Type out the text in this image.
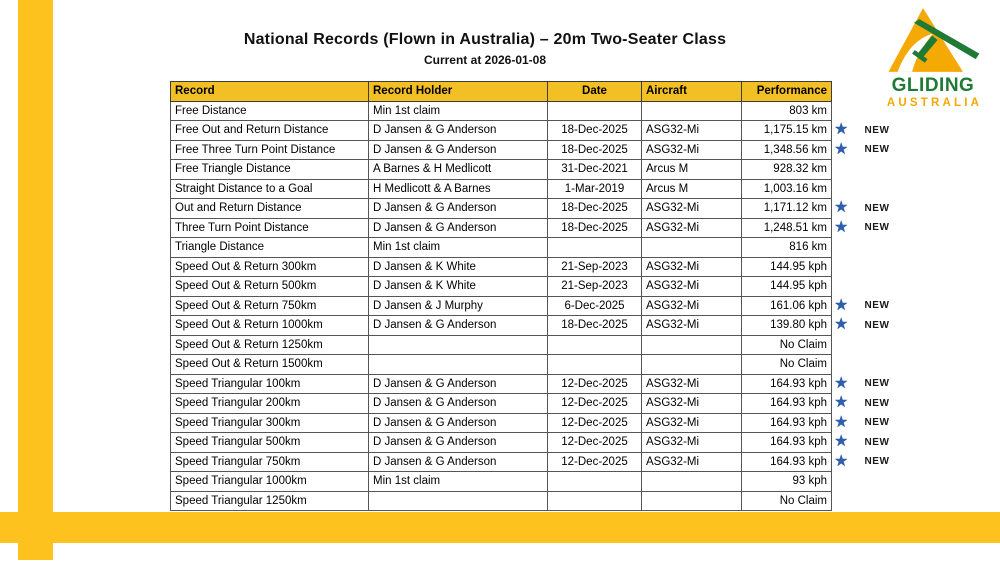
National Records (Flown in Australia) – 20m Two-Seater Class
Current at 2026-01-08
GLIDING
AUSTRALIA
Record	Record Holder	Date	Aircraft	Performance	
Free Distance	Min 1st claim			803 km	
Free Out and Return Distance	D Jansen & G Anderson	18-Dec-2025	ASG32-Mi	1,175.15 km	★ NEW
Free Three Turn Point Distance	D Jansen & G Anderson	18-Dec-2025	ASG32-Mi	1,348.56 km	★ NEW
Free Triangle Distance	A Barnes & H Medlicott	31-Dec-2021	Arcus M	928.32 km	
Straight Distance to a Goal	H Medlicott & A Barnes	1-Mar-2019	Arcus M	1,003.16 km	
Out and Return Distance	D Jansen & G Anderson	18-Dec-2025	ASG32-Mi	1,171.12 km	★ NEW
Three Turn Point Distance	D Jansen & G Anderson	18-Dec-2025	ASG32-Mi	1,248.51 km	★ NEW
Triangle Distance	Min 1st claim			816 km	
Speed Out & Return 300km	D Jansen & K White	21-Sep-2023	ASG32-Mi	144.95 kph	
Speed Out & Return 500km	D Jansen & K White	21-Sep-2023	ASG32-Mi	144.95 kph	
Speed Out & Return 750km	D Jansen & J Murphy	6-Dec-2025	ASG32-Mi	161.06 kph	★ NEW
Speed Out & Return 1000km	D Jansen & G Anderson	18-Dec-2025	ASG32-Mi	139.80 kph	★ NEW
Speed Out & Return 1250km				No Claim	
Speed Out & Return 1500km				No Claim	
Speed Triangular 100km	D Jansen & G Anderson	12-Dec-2025	ASG32-Mi	164.93 kph	★ NEW
Speed Triangular 200km	D Jansen & G Anderson	12-Dec-2025	ASG32-Mi	164.93 kph	★ NEW
Speed Triangular 300km	D Jansen & G Anderson	12-Dec-2025	ASG32-Mi	164.93 kph	★ NEW
Speed Triangular 500km	D Jansen & G Anderson	12-Dec-2025	ASG32-Mi	164.93 kph	★ NEW
Speed Triangular 750km	D Jansen & G Anderson	12-Dec-2025	ASG32-Mi	164.93 kph	★ NEW
Speed Triangular 1000km	Min 1st claim			93 kph	
Speed Triangular 1250km				No Claim	
